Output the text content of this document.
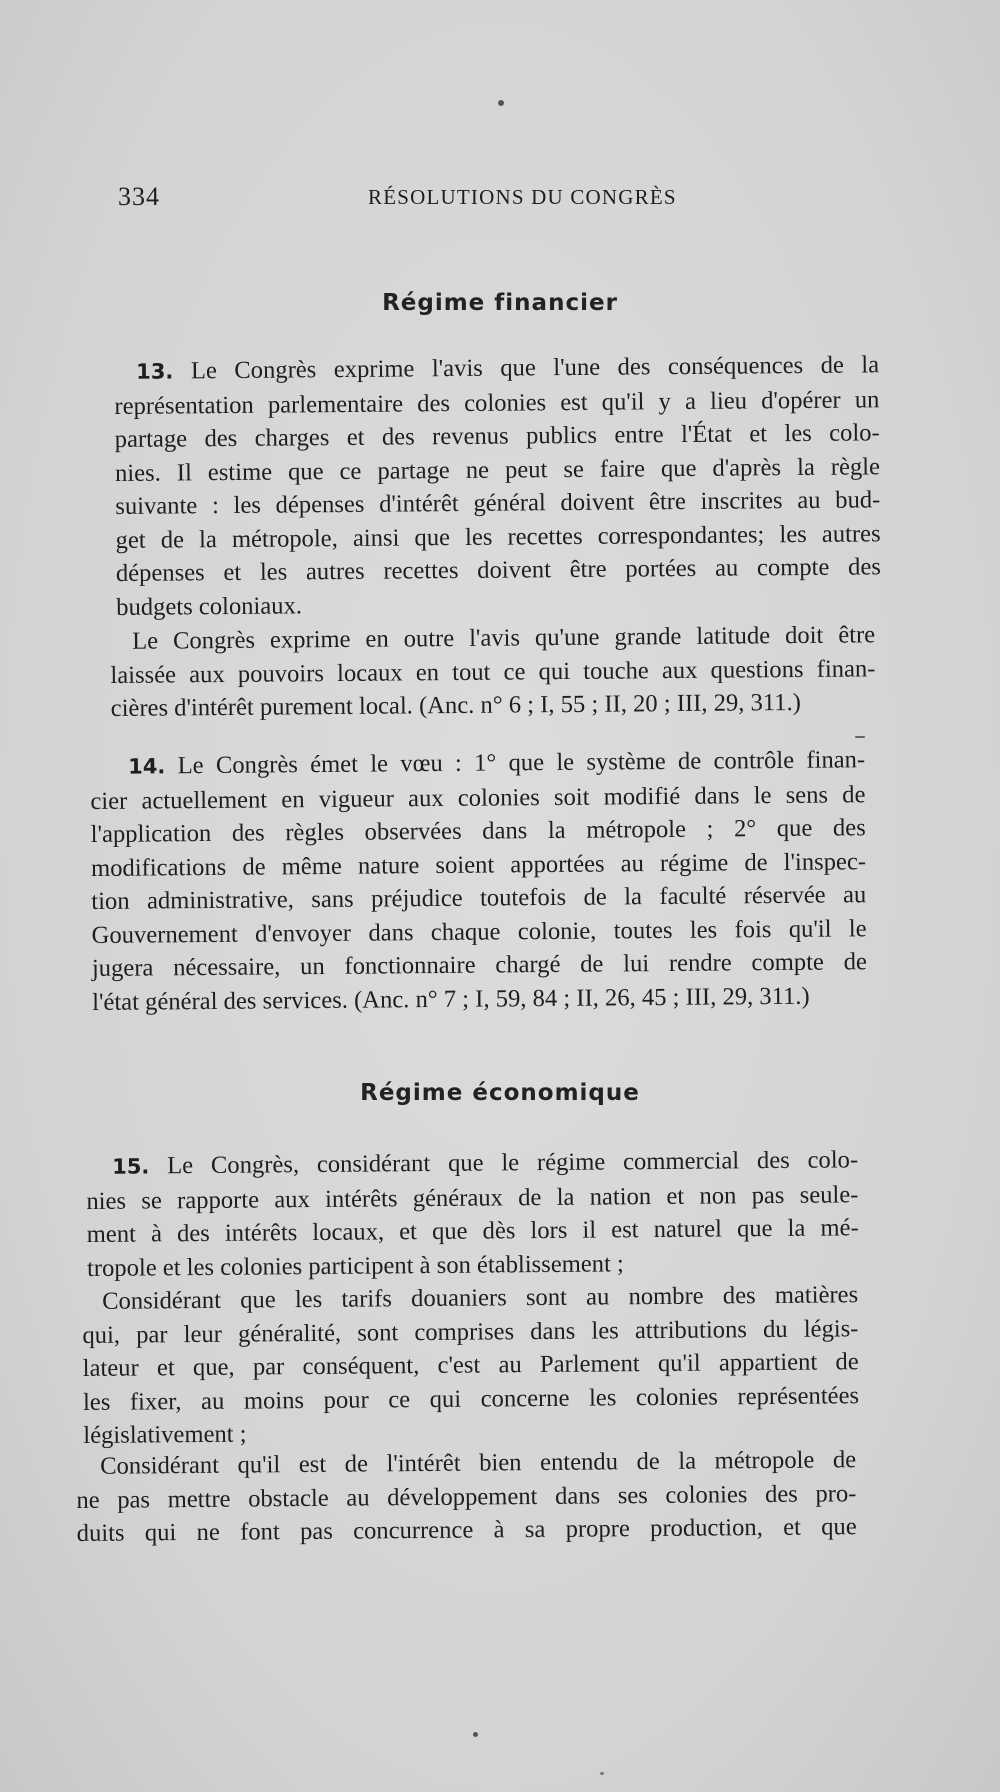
334	RÉSOLUTIONS DU CONGRÈS
Régime financier
13. Le Congrès exprime l'avis que l'une des conséquences de la
représentation parlementaire des colonies est qu'il y a lieu d'opérer un
partage des charges et des revenus publics entre l'État et les colo-
nies. Il estime que ce partage ne peut se faire que d'après la règle
suivante : les dépenses d'intérêt général doivent être inscrites au bud-
get de la métropole, ainsi que les recettes correspondantes; les autres
dépenses et les autres recettes doivent être portées au compte des
budgets coloniaux.
Le Congrès exprime en outre l'avis qu'une grande latitude doit être
laissée aux pouvoirs locaux en tout ce qui touche aux questions finan-
cières d'intérêt purement local. (Anc. n° 6 ; I, 55 ; II, 20 ; III, 29, 311.)
14. Le Congrès émet le vœu : 1° que le système de contrôle finan-
cier actuellement en vigueur aux colonies soit modifié dans le sens de
l'application des règles observées dans la métropole ; 2° que des
modifications de même nature soient apportées au régime de l'inspec-
tion administrative, sans préjudice toutefois de la faculté réservée au
Gouvernement d'envoyer dans chaque colonie, toutes les fois qu'il le
jugera nécessaire, un fonctionnaire chargé de lui rendre compte de
l'état général des services. (Anc. n° 7 ; I, 59, 84 ; II, 26, 45 ; III, 29, 311.)
Régime économique
15. Le Congrès, considérant que le régime commercial des colo-
nies se rapporte aux intérêts généraux de la nation et non pas seule-
ment à des intérêts locaux, et que dès lors il est naturel que la mé-
tropole et les colonies participent à son établissement ;
Considérant que les tarifs douaniers sont au nombre des matières
qui, par leur généralité, sont comprises dans les attributions du légis-
lateur et que, par conséquent, c'est au Parlement qu'il appartient de
les fixer, au moins pour ce qui concerne les colonies représentées
législativement ;
Considérant qu'il est de l'intérêt bien entendu de la métropole de
ne pas mettre obstacle au développement dans ses colonies des pro-
duits qui ne font pas concurrence à sa propre production, et que
